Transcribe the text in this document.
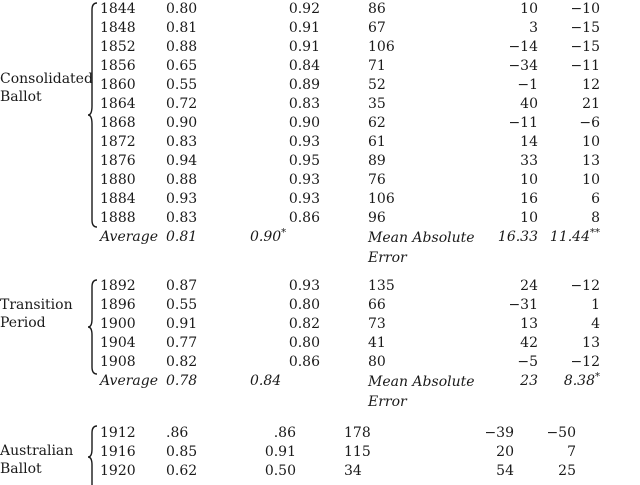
Consolidated
Ballot
1844	0.80	0.92		86	10	−10
1848	0.81	0.91		67	3	−15
1852	0.88	0.91		106	−14	−15
1856	0.65	0.84		71	−34	−11
1860	0.55	0.89		52	−1	12
1864	0.72	0.83		35	40	21
1868	0.90	0.90		62	−11	−6
1872	0.83	0.93		61	14	10
1876	0.94	0.95		89	33	13
1880	0.88	0.93		76	10	10
1884	0.93	0.93		106	16	6
1888	0.83	0.86		96	10	8
Average	0.81	0.90*		Mean Absolute Error	16.33	11.44**
Transition
Period
1892	0.87	0.93		135	24	−12
1896	0.55	0.80		66	−31	1
1900	0.91	0.82		73	13	4
1904	0.77	0.80		41	42	13
1908	0.82	0.86		80	−5	−12
Average	0.78	0.84		Mean Absolute Error	23	8.38*
Australian
Ballot
1912	.86	.86		178	−39	−50
1916	0.85	0.91		115	20	7
1920	0.62	0.50		34	54	25
